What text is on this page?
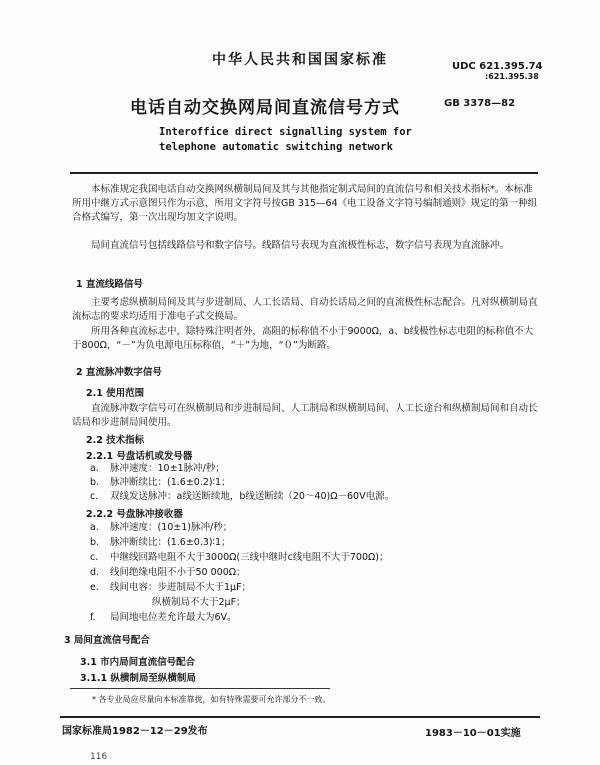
中华人民共和国国家标准	UDC 621.395.74
:621.395.38
电话自动交换网局间直流信号方式	GB 3378—82
Interoffice direct signalling system for
telephone automatic switching network
本标准规定我国电话自动交换网纵横制局间及其与其他指定制式局间的直流信号和相关技术指标*。本标准所用中继方式示意图只作为示意，所用文字符号按GB 315—64《电工设备文字符号编制通则》规定的第一种组合格式编写，第一次出现均加文字说明。
局间直流信号包括线路信号和数字信号。线路信号表现为直流极性标志，数字信号表现为直流脉冲。
1 直流线路信号
主要考虑纵横制局间及其与步进制局、人工长话局、自动长话局之间的直流极性标志配合。凡对纵横制局直流标志的要求均适用于准电子式交换局。
所用各种直流标志中，除特殊注明者外，高阻的标称值不小于9000Ω，a、b线极性标志电阻的标称值不大于800Ω，“－”为负电源电压标称值，“＋”为地，“０”为断路。
2 直流脉冲数字信号
2.1 使用范围
直流脉冲数字信号可在纵横制局和步进制局间、人工制局和纵横制局间、人工长途台和纵横制局间和自动长话局和步进制局间使用。
2.2 技术指标
2.2.1 号盘话机或发号器
a. 脉冲速度：10±1脉冲/秒；
b. 脉冲断续比：(1.6±0.2)∶1；
c. 双线发送脉冲：a线送断续地，b线送断续（20～40)Ω－60V电源。
2.2.2 号盘脉冲接收器
a. 脉冲速度：(10±1)脉冲/秒；
b. 脉冲断续比：(1.6±0.3)∶1；
c. 中继线回路电阻不大于3000Ω(三线中继时c线电阻不大于700Ω)；
d. 线间绝缘电阻不小于50 000Ω；
e. 线间电容：步进制局不大于1μF；
纵横制局不大于2μF；
f. 局间地电位差允许最大为6V。
3 局间直流信号配合
3.1 市内局间直流信号配合
3.1.1 纵横制局至纵横制局
* 各专业局应尽量向本标准靠拢，如有特殊需要可允许部分不一致。
国家标准局1982－12－29发布	1983－10－01实施
116
